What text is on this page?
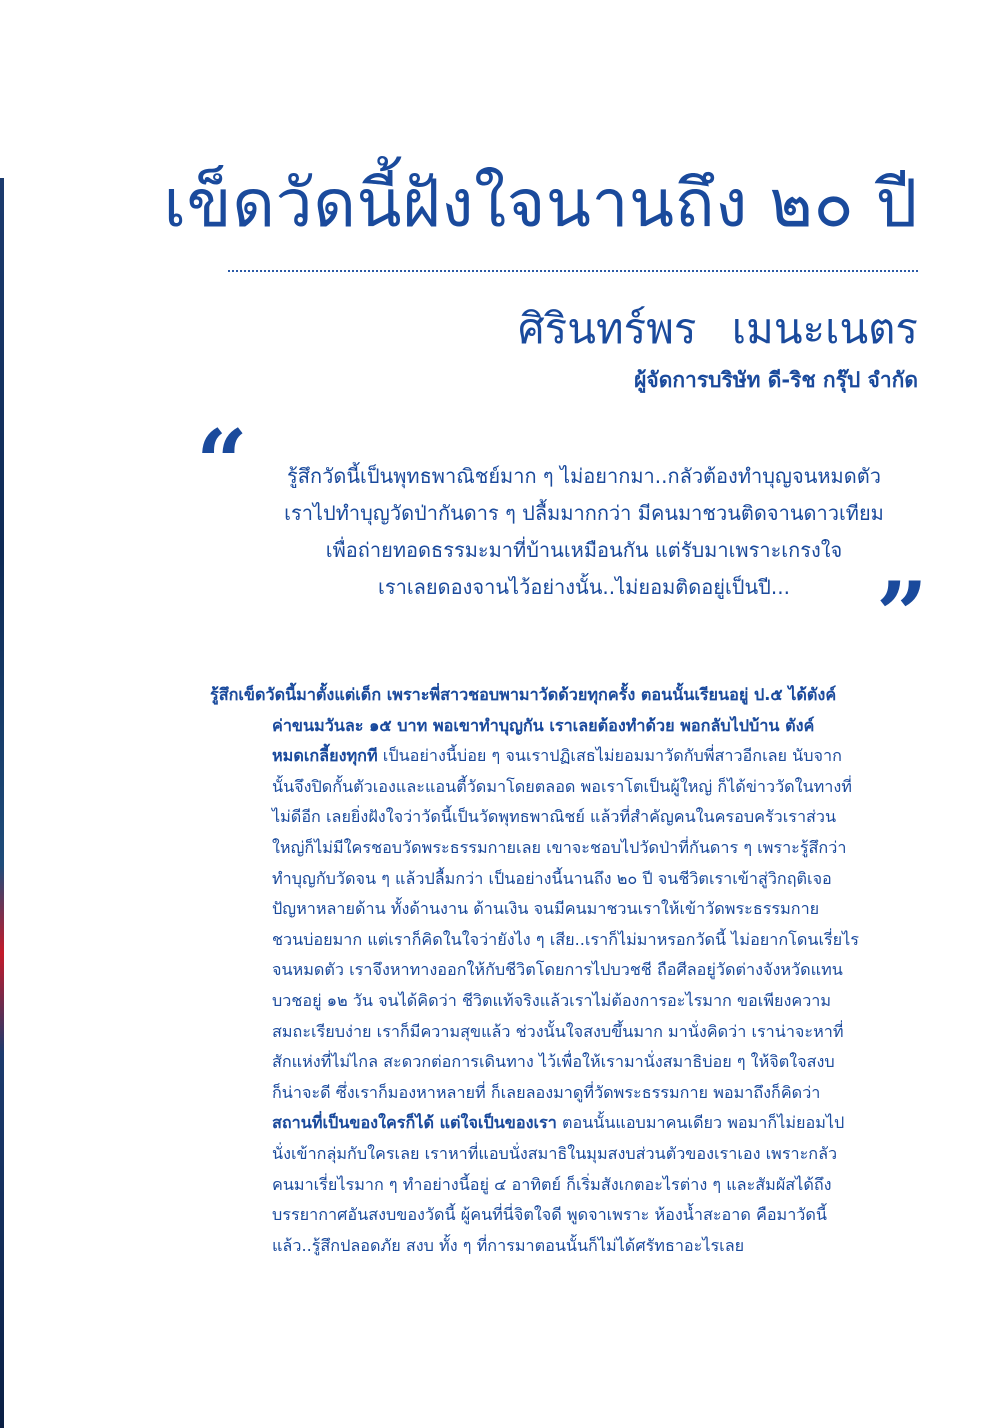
เข็ดวัดนี้ฝังใจนานถึง ๒๐ ปี
ศิรินทร์พร เมนะเนตร
ผู้จัดการบริษัท ดี-ริช กรุ๊ป จำกัด
“	รู้สึกวัดนี้เป็นพุทธพาณิชย์มาก ๆ ไม่อยากมา..กลัวต้องทำบุญจนหมดตัว
เราไปทำบุญวัดป่ากันดาร ๆ ปลื้มมากกว่า มีคนมาชวนติดจานดาวเทียม
เพื่อถ่ายทอดธรรมะมาที่บ้านเหมือนกัน แต่รับมาเพราะเกรงใจ
เราเลยดองจานไว้อย่างนั้น..ไม่ยอมติดอยู่เป็นปี... ”
รู้สึกเข็ดวัดนี้มาตั้งแต่เด็ก เพราะพี่สาวชอบพามาวัดด้วยทุกครั้ง ตอนนั้นเรียนอยู่ ป.๕ ได้ตังค์
ค่าขนมวันละ ๑๕ บาท พอเขาทำบุญกัน เราเลยต้องทำด้วย พอกลับไปบ้าน ตังค์
หมดเกลี้ยงทุกที เป็นอย่างนี้บ่อย ๆ จนเราปฏิเสธไม่ยอมมาวัดกับพี่สาวอีกเลย นับจาก
นั้นจึงปิดกั้นตัวเองและแอนตี้วัดมาโดยตลอด พอเราโตเป็นผู้ใหญ่ ก็ได้ข่าววัดในทางที่
ไม่ดีอีก เลยยิ่งฝังใจว่าวัดนี้เป็นวัดพุทธพาณิชย์ แล้วที่สำคัญคนในครอบครัวเราส่วน
ใหญ่ก็ไม่มีใครชอบวัดพระธรรมกายเลย เขาจะชอบไปวัดป่าที่กันดาร ๆ เพราะรู้สึกว่า
ทำบุญกับวัดจน ๆ แล้วปลื้มกว่า เป็นอย่างนี้นานถึง ๒๐ ปี จนชีวิตเราเข้าสู่วิกฤติเจอ
ปัญหาหลายด้าน ทั้งด้านงาน ด้านเงิน จนมีคนมาชวนเราให้เข้าวัดพระธรรมกาย
ชวนบ่อยมาก แต่เราก็คิดในใจว่ายังไง ๆ เสีย..เราก็ไม่มาหรอกวัดนี้ ไม่อยากโดนเรี่ยไร
จนหมดตัว เราจึงหาทางออกให้กับชีวิตโดยการไปบวชชี ถือศีลอยู่วัดต่างจังหวัดแทน
บวชอยู่ ๑๒ วัน จนได้คิดว่า ชีวิตแท้จริงแล้วเราไม่ต้องการอะไรมาก ขอเพียงความ
สมถะเรียบง่าย เราก็มีความสุขแล้ว ช่วงนั้นใจสงบขึ้นมาก มานั่งคิดว่า เราน่าจะหาที่
สักแห่งที่ไม่ไกล สะดวกต่อการเดินทาง ไว้เพื่อให้เรามานั่งสมาธิบ่อย ๆ ให้จิตใจสงบ
ก็น่าจะดี ซึ่งเราก็มองหาหลายที่ ก็เลยลองมาดูที่วัดพระธรรมกาย พอมาถึงก็คิดว่า
สถานที่เป็นของใครก็ได้ แต่ใจเป็นของเรา ตอนนั้นแอบมาคนเดียว พอมาก็ไม่ยอมไป
นั่งเข้ากลุ่มกับใครเลย เราหาที่แอบนั่งสมาธิในมุมสงบส่วนตัวของเราเอง เพราะกลัว
คนมาเรี่ยไรมาก ๆ ทำอย่างนี้อยู่ ๔ อาทิตย์ ก็เริ่มสังเกตอะไรต่าง ๆ และสัมผัสได้ถึง
บรรยากาศอันสงบของวัดนี้ ผู้คนที่นี่จิตใจดี พูดจาเพราะ ห้องน้ำสะอาด คือมาวัดนี้
แล้ว..รู้สึกปลอดภัย สงบ ทั้ง ๆ ที่การมาตอนนั้นก็ไม่ได้ศรัทธาอะไรเลย
